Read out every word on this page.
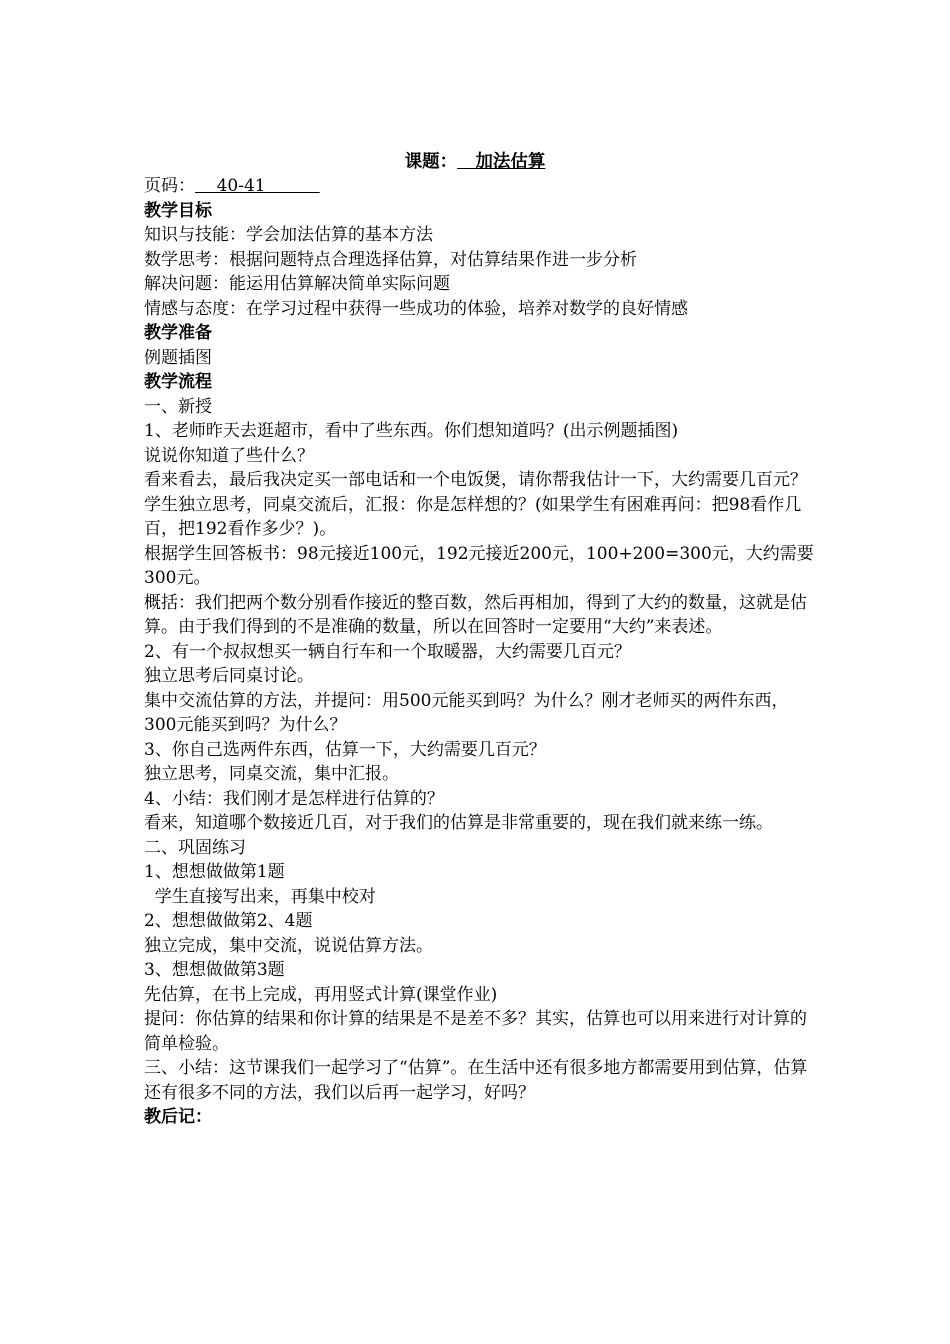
课题：   加法估算

页码：    40-41

教学目标

知识与技能：学会加法估算的基本方法

数学思考：根据问题特点合理选择估算，对估算结果作进一步分析

解决问题：能运用估算解决简单实际问题

情感与态度：在学习过程中获得一些成功的体验，培养对数学的良好情感

教学准备

例题插图

教学流程

一、新授

1、老师昨天去逛超市，看中了些东西。你们想知道吗？(出示例题插图)

说说你知道了些什么？

看来看去，最后我决定买一部电话和一个电饭煲，请你帮我估计一下，大约需要几百元？

学生独立思考，同桌交流后，汇报：你是怎样想的？(如果学生有困难再问：把98看作几百，把192看作多少？)。

根据学生回答板书：98元接近100元，192元接近200元，100+200=300元，大约需要300元。

概括：我们把两个数分别看作接近的整百数，然后再相加，得到了大约的数量，这就是估算。由于我们得到的不是准确的数量，所以在回答时一定要用“大约”来表述。

2、有一个叔叔想买一辆自行车和一个取暖器，大约需要几百元？

独立思考后同桌讨论。

集中交流估算的方法，并提问：用500元能买到吗？为什么？刚才老师买的两件东西，300元能买到吗？为什么？

3、你自己选两件东西，估算一下，大约需要几百元？

独立思考，同桌交流，集中汇报。

4、小结：我们刚才是怎样进行估算的？

看来，知道哪个数接近几百，对于我们的估算是非常重要的，现在我们就来练一练。

二、巩固练习

1、想想做做第1题

学生直接写出来，再集中校对

2、想想做做第2、4题

独立完成，集中交流，说说估算方法。

3、想想做做第3题

先估算，在书上完成，再用竖式计算(课堂作业)

提问：你估算的结果和你计算的结果是不是差不多？其实，估算也可以用来进行对计算的简单检验。

三、小结：这节课我们一起学习了“估算”。在生活中还有很多地方都需要用到估算，估算还有很多不同的方法，我们以后再一起学习，好吗？

教后记：
